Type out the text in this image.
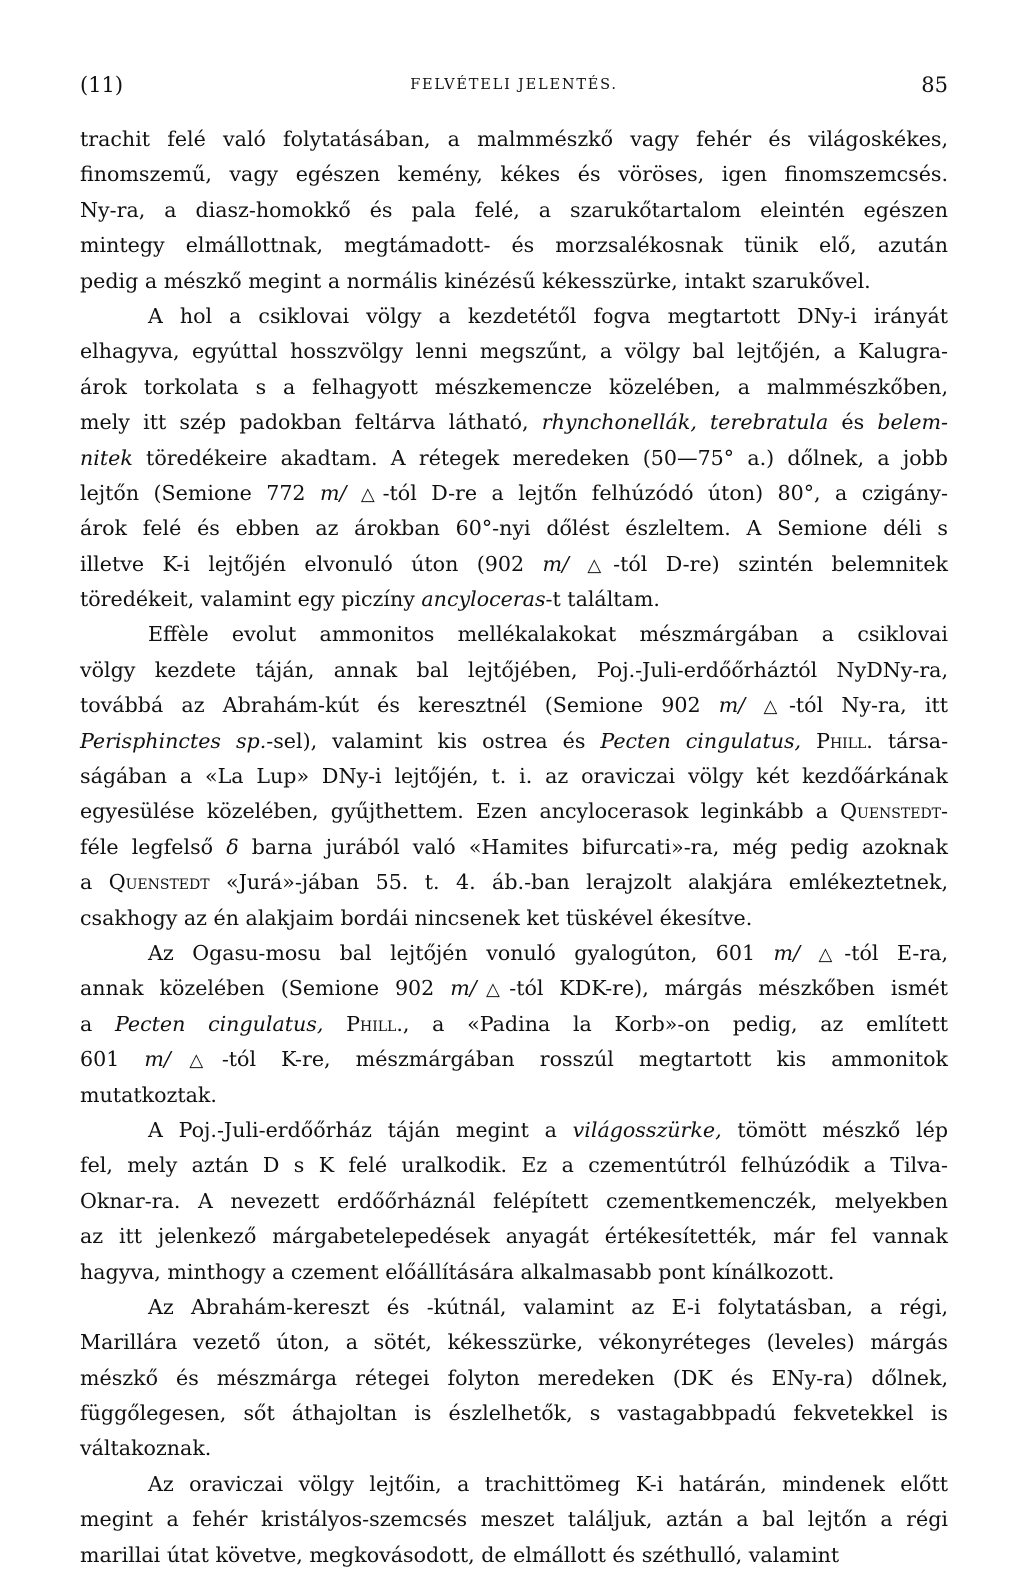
(11)	FELVÉTELI JELENTÉS.	85
trachit felé való folytatásában, a malmmészkő vagy fehér és világoskékes,
finomszemű, vagy egészen kemény, kékes és vöröses, igen finomszemcsés.
Ny-ra, a diasz-homokkő és pala felé, a szarukőtartalom eleintén egészen
mintegy elmállottnak, megtámadott- és morzsalékosnak tünik elő, azután
pedig a mészkő megint a normális kinézésű kékesszürke, intakt szarukővel.
A hol a csiklovai völgy a kezdetétől fogva megtartott DNy-i irányát
elhagyva, egyúttal hosszvölgy lenni megszűnt, a völgy bal lejtőjén, a Kalugra-
árok torkolata s a felhagyott mészkemencze közelében, a malmmészkőben,
mely itt szép padokban feltárva látható, rhynchonellák, terebratula és belem-
nitek töredékeire akadtam. A rétegek meredeken (50—75° a.) dőlnek, a jobb
lejtőn (Semione 772 m/ △-tól D-re a lejtőn felhúzódó úton) 80°, a czigány-
árok felé és ebben az árokban 60°-nyi dőlést észleltem. A Semione déli s
illetve K-i lejtőjén elvonuló úton (902 m/ △-tól D-re) szintén belemnitek
töredékeit, valamint egy piczíny ancyloceras-t találtam.
Effèle evolut ammonitos mellékalakokat mészmárgában a csiklovai
völgy kezdete táján, annak bal lejtőjében, Poj.-Juli-erdőőrháztól NyDNy-ra,
továbbá az Abrahám-kút és keresztnél (Semione 902 m/ △-tól Ny-ra, itt
Perisphinctes sp.-sel), valamint kis ostrea és Pecten cingulatus, Phill. társa-
ságában a «La Lup» DNy-i lejtőjén, t. i. az oraviczai völgy két kezdőárkának
egyesülése közelében, gyűjthettem. Ezen ancylocerasok leginkább a Quenstedt-
féle legfelső δ barna jurából való «Hamites bifurcati»-ra, még pedig azoknak
a Quenstedt «Jurá»-jában 55. t. 4. áb.-ban lerajzolt alakjára emlékeztetnek,
csakhogy az én alakjaim bordái nincsenek ket tüskével ékesítve.
Az Ogasu-mosu bal lejtőjén vonuló gyalogúton, 601 m/ △-tól E-ra,
annak közelében (Semione 902 m/△-tól KDK-re), márgás mészkőben ismét
a Pecten cingulatus, Phill., a «Padina la Korb»-on pedig, az említett
601 m/△-tól K-re, mészmárgában rosszúl megtartott kis ammonitok
mutatkoztak.
A Poj.-Juli-erdőőrház táján megint a világosszürke, tömött mészkő lép
fel, mely aztán D s K felé uralkodik. Ez a czementútról felhúzódik a Tilva-
Oknar-ra. A nevezett erdőőrháznál felépített czementkemenczék, melyekben
az itt jelenkező márgabetelepedések anyagát értékesítették, már fel vannak
hagyva, minthogy a czement előállítására alkalmasabb pont kínálkozott.
Az Abrahám-kereszt és -kútnál, valamint az E-i folytatásban, a régi,
Marillára vezető úton, a sötét, kékesszürke, vékonyréteges (leveles) márgás
mészkő és mészmárga rétegei folyton meredeken (DK és ENy-ra) dőlnek,
függőlegesen, sőt áthajoltan is észlelhetők, s vastagabbpadú fekvetekkel is
váltakoznak.
Az oraviczai völgy lejtőin, a trachittömeg K-i határán, mindenek előtt
megint a fehér kristályos-szemcsés meszet találjuk, aztán a bal lejtőn a régi
marillai útat követve, megkovásodott, de elmállott és széthulló, valamint
